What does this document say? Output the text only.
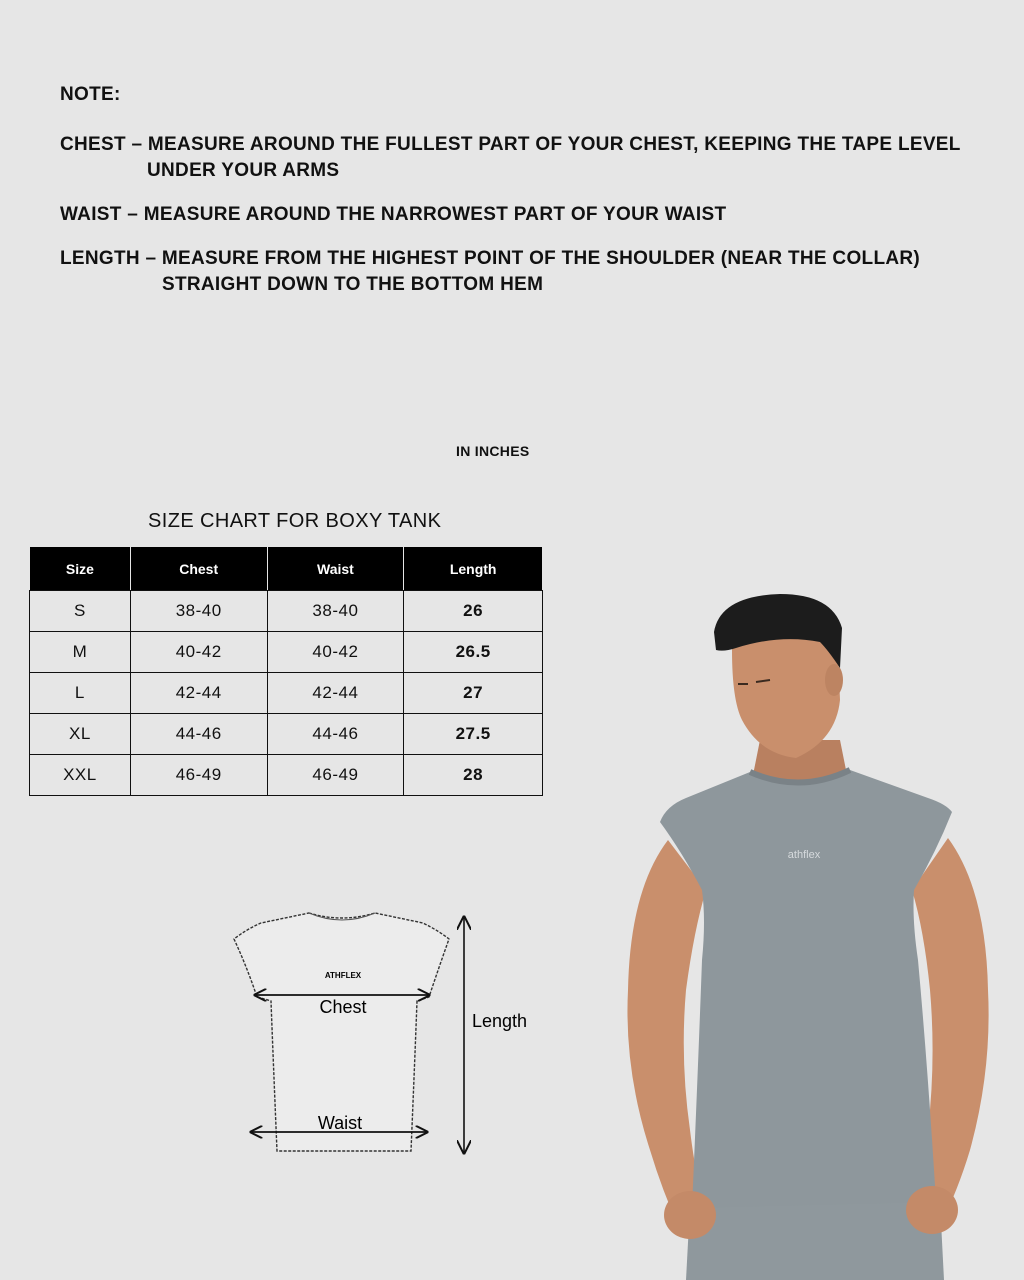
NOTE:
CHEST – MEASURE AROUND THE FULLEST PART OF YOUR CHEST, KEEPING THE TAPE LEVEL
UNDER YOUR ARMS
WAIST – MEASURE AROUND THE NARROWEST PART OF YOUR WAIST
LENGTH – MEASURE FROM THE HIGHEST POINT OF THE SHOULDER (NEAR THE COLLAR)
STRAIGHT DOWN TO THE BOTTOM HEM
IN INCHES
SIZE CHART FOR BOXY TANK
Size	Chest	Waist	Length
S	38-40	38-40	26
M	40-42	40-42	26.5
L	42-44	42-44	27
XL	44-46	44-46	27.5
XXL	46-49	46-49	28
ATHFLEX
Chest
Waist
Length
athflex
